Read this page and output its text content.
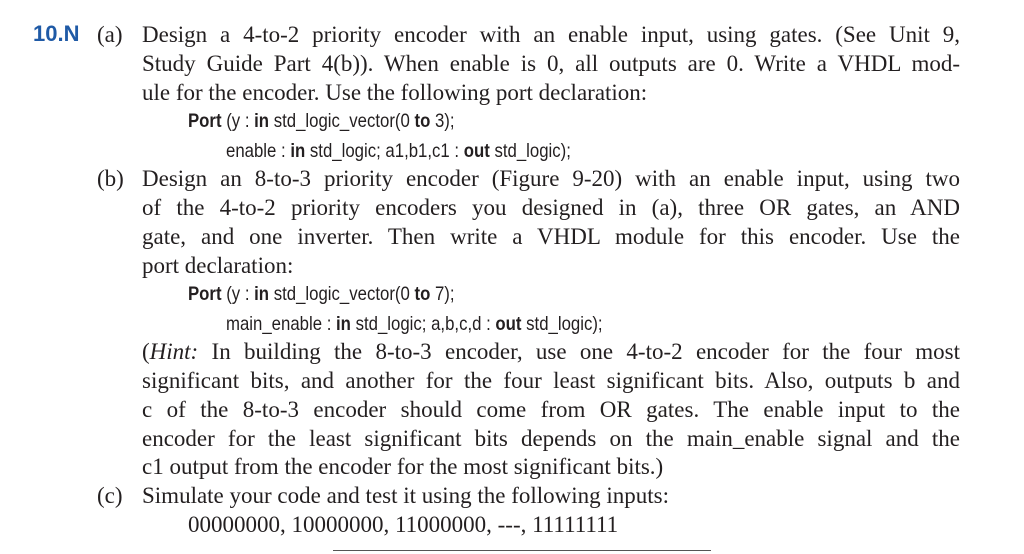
10.N (a) Design a 4-to-2 priority encoder with an enable input, using gates. (See Unit 9,
Study Guide Part 4(b)). When enable is 0, all outputs are 0. Write a VHDL mod-
ule for the encoder. Use the following port declaration:
Port (y : in std_logic_vector(0 to 3);
enable : in std_logic; a1,b1,c1 : out std_logic);
(b) Design an 8-to-3 priority encoder (Figure 9-20) with an enable input, using two
of the 4-to-2 priority encoders you designed in (a), three OR gates, an AND
gate, and one inverter. Then write a VHDL module for this encoder. Use the
port declaration:
Port (y : in std_logic_vector(0 to 7);
main_enable : in std_logic; a,b,c,d : out std_logic);
(Hint: In building the 8-to-3 encoder, use one 4-to-2 encoder for the four most
significant bits, and another for the four least significant bits. Also, outputs b and
c of the 8-to-3 encoder should come from OR gates. The enable input to the
encoder for the least significant bits depends on the main_enable signal and the
c1 output from the encoder for the most significant bits.)
(c) Simulate your code and test it using the following inputs:
00000000, 10000000, 11000000, ---, 11111111
